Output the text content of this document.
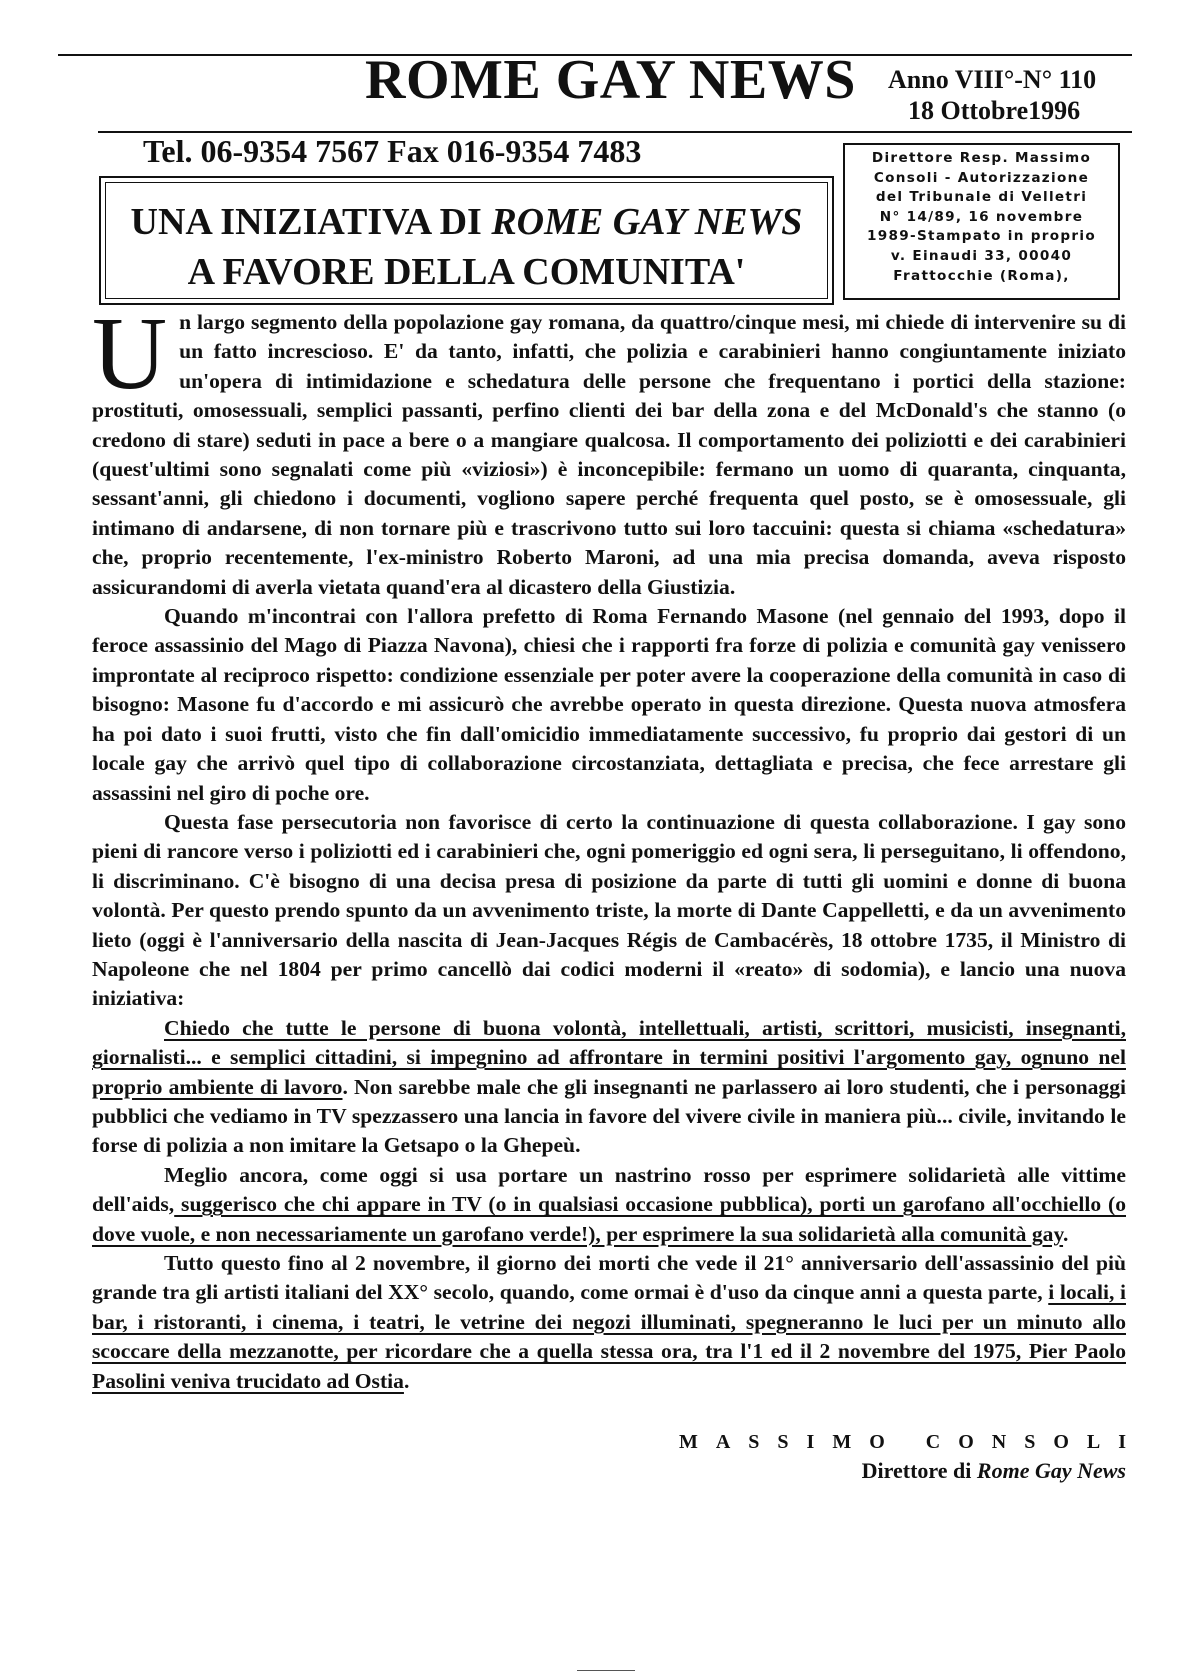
ROME GAY NEWS Anno VIII°-N° 110
18 Ottobre1996
Tel. 06-9354 7567 Fax 016-9354 7483
UNA INIZIATIVA DI ROME GAY NEWS
A FAVORE DELLA COMUNITA'
Direttore Resp. Massimo
Consoli - Autorizzazione
del Tribunale di Velletri
N° 14/89, 16 novembre
1989-Stampato in proprio
v. Einaudi 33, 00040
Frattocchie (Roma),

Un largo segmento della popolazione gay romana, da quattro/cinque mesi, mi chiede di intervenire su di un fatto increscioso. E' da tanto, infatti, che polizia e carabinieri hanno congiuntamente iniziato un'opera di intimidazione e schedatura delle persone che frequentano i portici della stazione: prostituti, omosessuali, semplici passanti, perfino clienti dei bar della zona e del McDonald's che stanno (o credono di stare) seduti in pace a bere o a mangiare qualcosa. Il comportamento dei poliziotti e dei carabinieri (quest'ultimi sono segnalati come più «viziosi») è inconcepibile: fermano un uomo di quaranta, cinquanta, sessant'anni, gli chiedono i documenti, vogliono sapere perché frequenta quel posto, se è omosessuale, gli intimano di andarsene, di non tornare più e trascrivono tutto sui loro taccuini: questa si chiama «schedatura» che, proprio recentemente, l'ex-ministro Roberto Maroni, ad una mia precisa domanda, aveva risposto assicurandomi di averla vietata quand'era al dicastero della Giustizia.

Quando m'incontrai con l'allora prefetto di Roma Fernando Masone (nel gennaio del 1993, dopo il feroce assassinio del Mago di Piazza Navona), chiesi che i rapporti fra forze di polizia e comunità gay venissero improntate al reciproco rispetto: condizione essenziale per poter avere la cooperazione della comunità in caso di bisogno: Masone fu d'accordo e mi assicurò che avrebbe operato in questa direzione. Questa nuova atmosfera ha poi dato i suoi frutti, visto che fin dall'omicidio immediatamente successivo, fu proprio dai gestori di un locale gay che arrivò quel tipo di collaborazione circostanziata, dettagliata e precisa, che fece arrestare gli assassini nel giro di poche ore.

Questa fase persecutoria non favorisce di certo la continuazione di questa collaborazione. I gay sono pieni di rancore verso i poliziotti ed i carabinieri che, ogni pomeriggio ed ogni sera, li perseguitano, li offendono, li discriminano. C'è bisogno di una decisa presa di posizione da parte di tutti gli uomini e donne di buona volontà. Per questo prendo spunto da un avvenimento triste, la morte di Dante Cappelletti, e da un avvenimento lieto (oggi è l'anniversario della nascita di Jean-Jacques Régis de Cambacérès, 18 ottobre 1735, il Ministro di Napoleone che nel 1804 per primo cancellò dai codici moderni il «reato» di sodomia), e lancio una nuova iniziativa:

Chiedo che tutte le persone di buona volontà, intellettuali, artisti, scrittori, musicisti, insegnanti, giornalisti... e semplici cittadini, si impegnino ad affrontare in termini positivi l'argomento gay, ognuno nel proprio ambiente di lavoro. Non sarebbe male che gli insegnanti ne parlassero ai loro studenti, che i personaggi pubblici che vediamo in TV spezzassero una lancia in favore del vivere civile in maniera più... civile, invitando le forse di polizia a non imitare la Getsapo o la Ghepeù.

Meglio ancora, come oggi si usa portare un nastrino rosso per esprimere solidarietà alle vittime dell'aids, suggerisco che chi appare in TV (o in qualsiasi occasione pubblica), porti un garofano all'occhiello (o dove vuole, e non necessariamente un garofano verde!), per esprimere la sua solidarietà alla comunità gay.

Tutto questo fino al 2 novembre, il giorno dei morti che vede il 21° anniversario dell'assassinio del più grande tra gli artisti italiani del XX° secolo, quando, come ormai è d'uso da cinque anni a questa parte, i locali, i bar, i ristoranti, i cinema, i teatri, le vetrine dei negozi illuminati, spegneranno le luci per un minuto allo scoccare della mezzanotte, per ricordare che a quella stessa ora, tra l'1 ed il 2 novembre del 1975, Pier Paolo Pasolini veniva trucidato ad Ostia.

MASSIMO CONSOLI
Direttore di Rome Gay News
